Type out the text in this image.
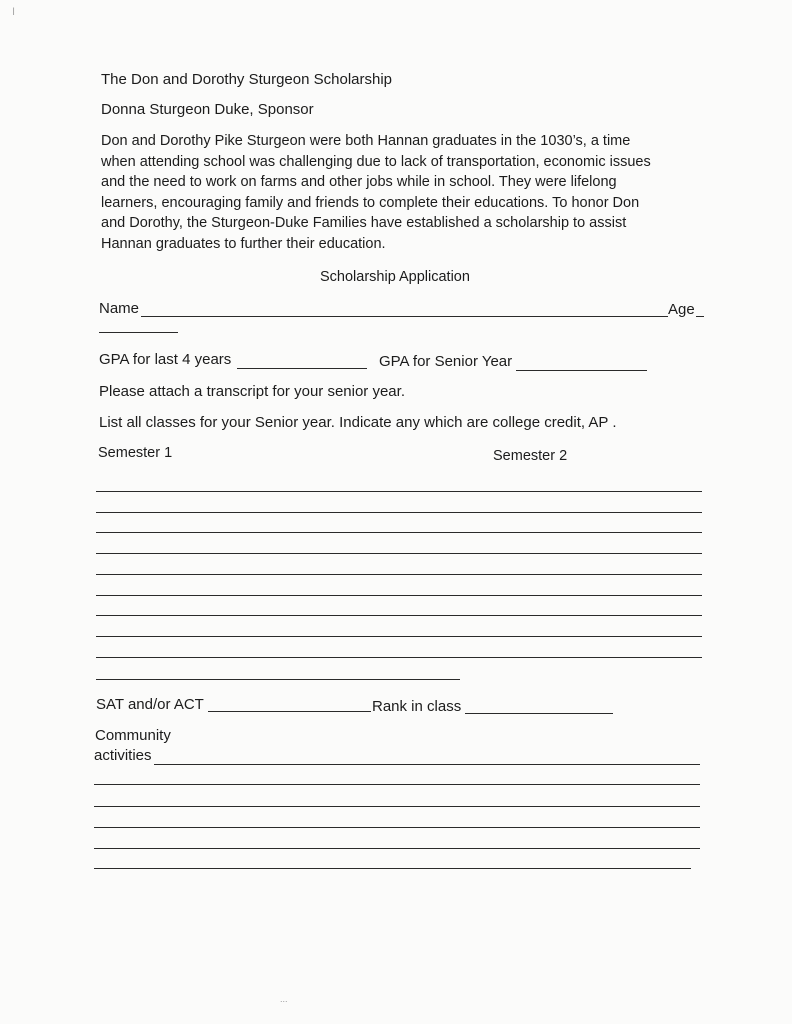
I
The Don and Dorothy Sturgeon Scholarship
Donna Sturgeon Duke, Sponsor
Don and Dorothy Pike Sturgeon were both Hannan graduates in the 1030’s, a time
when attending school was challenging due to lack of transportation, economic issues
and the need to work on farms and other jobs while in school. They were lifelong
learners, encouraging family and friends to complete their educations. To honor Don
and Dorothy, the Sturgeon-Duke Families have established a scholarship to assist
Hannan graduates to further their education.
Scholarship Application
Name	Age
GPA for last 4 years	GPA for Senior Year
Please attach a transcript for your senior year.
List all classes for your Senior year. Indicate any which are college credit, AP .
Semester 1	Semester 2
SAT and/or ACT	Rank in class
Community
activities
...
